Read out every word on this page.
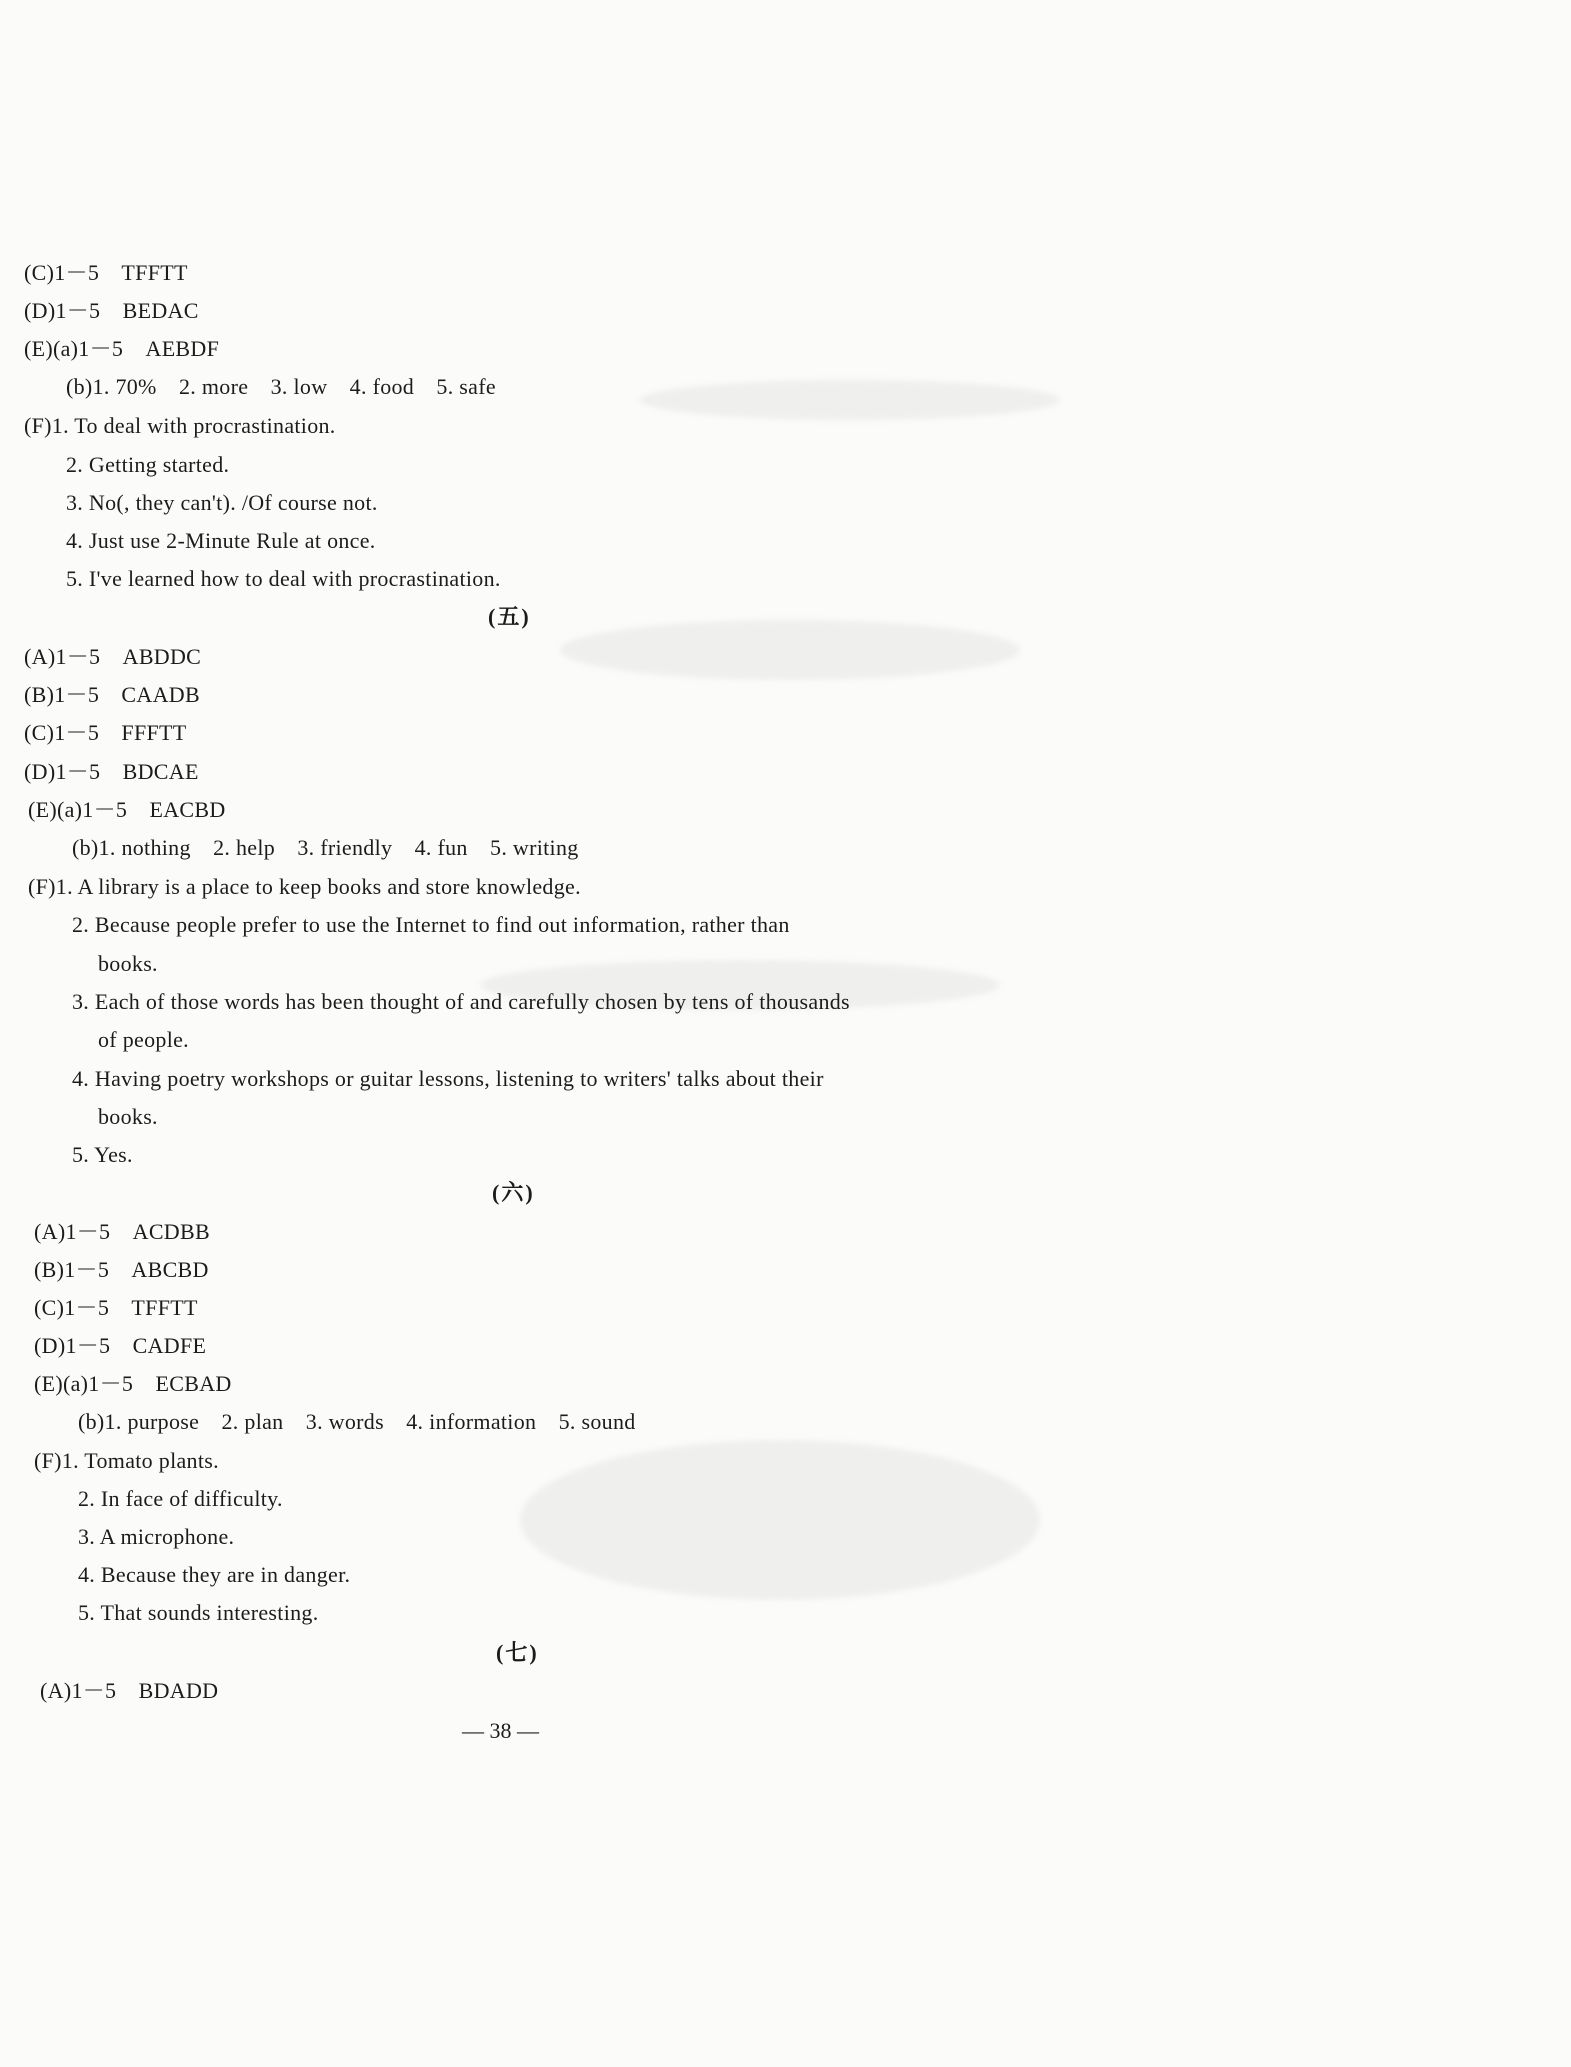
(C)1－5　TFFTT
(D)1－5　BEDAC
(E)(a)1－5　AEBDF
(b)1. 70%　2. more　3. low　4. food　5. safe
(F)1. To deal with procrastination.
2. Getting started.
3. No(, they can't). /Of course not.
4. Just use 2-Minute Rule at once.
5. I've learned how to deal with procrastination.
(五)
(A)1－5　ABDDC
(B)1－5　CAADB
(C)1－5　FFFTT
(D)1－5　BDCAE
(E)(a)1－5　EACBD
(b)1. nothing　2. help　3. friendly　4. fun　5. writing
(F)1. A library is a place to keep books and store knowledge.
2. Because people prefer to use the Internet to find out information, rather than
books.
3. Each of those words has been thought of and carefully chosen by tens of thousands
of people.
4. Having poetry workshops or guitar lessons, listening to writers' talks about their
books.
5. Yes.
(六)
(A)1－5　ACDBB
(B)1－5　ABCBD
(C)1－5　TFFTT
(D)1－5　CADFE
(E)(a)1－5　ECBAD
(b)1. purpose　2. plan　3. words　4. information　5. sound
(F)1. Tomato plants.
2. In face of difficulty.
3. A microphone.
4. Because they are in danger.
5. That sounds interesting.
(七)
(A)1－5　BDADD
— 38 —
